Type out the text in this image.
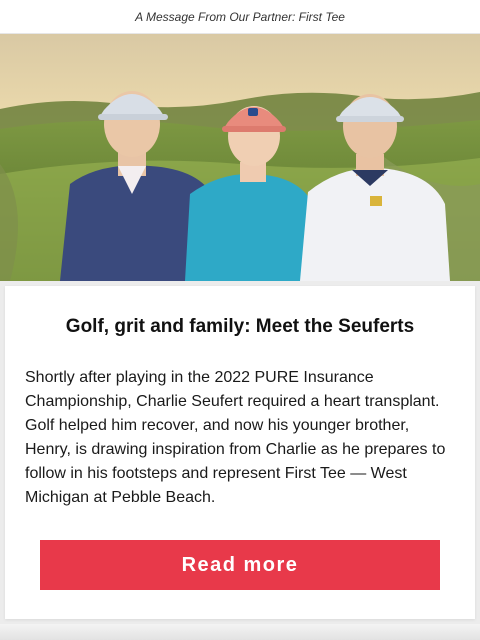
A Message From Our Partner: First Tee
Golf, grit and family: Meet the Seuferts

Shortly after playing in the 2022 PURE Insurance Championship, Charlie Seufert required a heart transplant. Golf helped him recover, and now his younger brother, Henry, is drawing inspiration from Charlie as he prepares to follow in his footsteps and represent First Tee — West Michigan at Pebble Beach.

Read more
